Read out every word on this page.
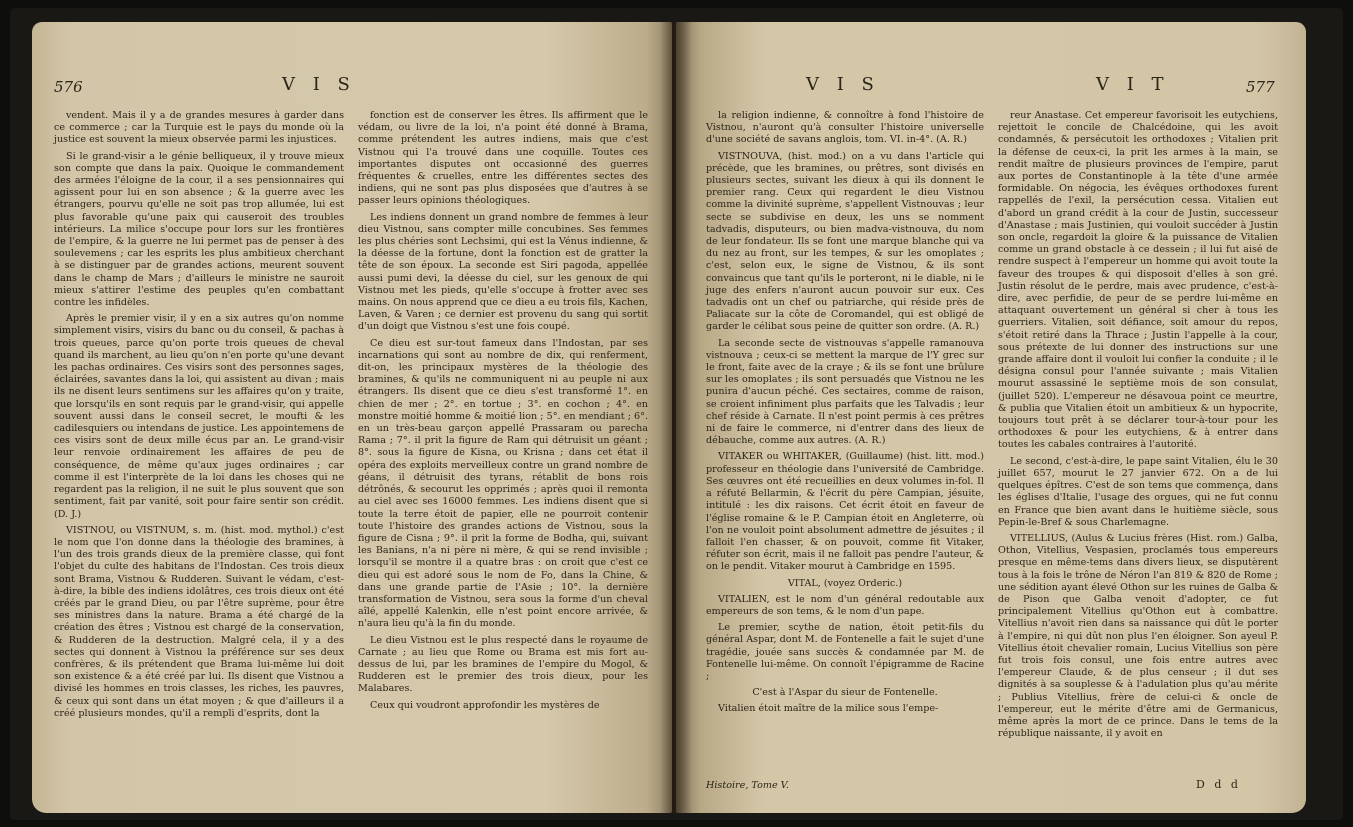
576	V I S

vendent. Mais il y a de grandes mesures à garder dans ce commerce ; car la Turquie est le pays du monde où la justice est souvent la mieux observée parmi les injustices.

Si le grand-visir a le génie belliqueux, il y trouve mieux son compte que dans la paix. Quoique le commandement des armées l'éloigne de la cour, il a ses pensionnaires qui agissent pour lui en son absence ; & la guerre avec les étrangers, pourvu qu'elle ne soit pas trop allumée, lui est plus favorable qu'une paix qui causeroit des troubles intérieurs. La milice s'occupe pour lors sur les frontières de l'empire, & la guerre ne lui permet pas de penser à des soulevemens ; car les esprits les plus ambitieux cherchant à se distinguer par de grandes actions, meurent souvent dans le champ de Mars ; d'ailleurs le ministre ne sauroit mieux s'attirer l'estime des peuples qu'en combattant contre les infidèles.

Après le premier visir, il y en a six autres qu'on nomme simplement visirs, visirs du banc ou du conseil, & pachas à trois queues, parce qu'on porte trois queues de cheval quand ils marchent, au lieu qu'on n'en porte qu'une devant les pachas ordinaires. Ces visirs sont des personnes sages, éclairées, savantes dans la loi, qui assistent au divan ; mais ils ne disent leurs sentimens sur les affaires qu'on y traite, que lorsqu'ils en sont requis par le grand-visir, qui appelle souvent aussi dans le conseil secret, le moufti & les cadilesquiers ou intendans de justice. Les appointemens de ces visirs sont de deux mille écus par an. Le grand-visir leur renvoie ordinairement les affaires de peu de conséquence, de même qu'aux juges ordinaires ; car comme il est l'interprète de la loi dans les choses qui ne regardent pas la religion, il ne suit le plus souvent que son sentiment, fait par vanité, soit pour faire sentir son crédit. (D. J.)

VISTNOU, ou VISTNUM, s. m. (hist. mod. mythol.) c'est le nom que l'on donne dans la théologie des bramines, à l'un des trois grands dieux de la première classe, qui font l'objet du culte des habitans de l'Indostan. Ces trois dieux sont Brama, Vistnou & Rudderen. Suivant le védam, c'est-à-dire, la bible des indiens idolâtres, ces trois dieux ont été créés par le grand Dieu, ou par l'être suprème, pour être ses ministres dans la nature. Brama a été chargé de la création des êtres ; Vistnou est chargé de la conservation, & Rudderen de la destruction. Malgré cela, il y a des sectes qui donnent à Vistnou la préférence sur ses deux confrères, & ils prétendent que Brama lui-même lui doit son existence & a été créé par lui. Ils disent que Vistnou a divisé les hommes en trois classes, les riches, les pauvres, & ceux qui sont dans un état moyen ; & que d'ailleurs il a créé plusieurs mondes, qu'il a rempli d'esprits, dont la

fonction est de conserver les êtres. Ils affirment que le védam, ou livre de la loi, n'a point été donné à Brama, comme prétendent les autres indiens, mais que c'est Vistnou qui l'a trouvé dans une coquille. Toutes ces importantes disputes ont occasionné des guerres fréquentes & cruelles, entre les différentes sectes des indiens, qui ne sont pas plus disposées que d'autres à se passer leurs opinions théologiques.

Les indiens donnent un grand nombre de femmes à leur dieu Vistnou, sans compter mille concubines. Ses femmes les plus chéries sont Lechsimi, qui est la Vénus indienne, & la déesse de la fortune, dont la fonction est de gratter la tête de son époux. La seconde est Siri pagoda, appellée aussi pumi devi, la déesse du ciel, sur les genoux de qui Vistnou met les pieds, qu'elle s'occupe à frotter avec ses mains. On nous apprend que ce dieu a eu trois fils, Kachen, Laven, & Varen ; ce dernier est provenu du sang qui sortit d'un doigt que Vistnou s'est une fois coupé.

Ce dieu est sur-tout fameux dans l'Indostan, par ses incarnations qui sont au nombre de dix, qui renferment, dit-on, les principaux mystères de la théologie des bramines, & qu'ils ne communiquent ni au peuple ni aux étrangers. Ils disent que ce dieu s'est transformé 1°. en chien de mer ; 2°. en tortue ; 3°. en cochon ; 4°. en monstre moitié homme & moitié lion ; 5°. en mendiant ; 6°. en un très-beau garçon appellé Prassaram ou parecha Rama ; 7°. il prit la figure de Ram qui détruisit un géant ; 8°. sous la figure de Kisna, ou Krisna ; dans cet état il opéra des exploits merveilleux contre un grand nombre de géans, il détruisit des tyrans, rétablit de bons rois détrônés, & secourut les opprimés ; après quoi il remonta au ciel avec ses 16000 femmes. Les indiens disent que si toute la terre étoit de papier, elle ne pourroit contenir toute l'histoire des grandes actions de Vistnou, sous la figure de Cisna ; 9°. il prit la forme de Bodha, qui, suivant les Banians, n'a ni père ni mère, & qui se rend invisible ; lorsqu'il se montre il a quatre bras : on croit que c'est ce dieu qui est adoré sous le nom de Fo, dans la Chine, & dans une grande partie de l'Asie ; 10°. la dernière transformation de Vistnou, sera sous la forme d'un cheval aîlé, appellé Kalenkin, elle n'est point encore arrivée, & n'aura lieu qu'à la fin du monde.

Le dieu Vistnou est le plus respecté dans le royaume de Carnate ; au lieu que Rome ou Brama est mis fort au-dessus de lui, par les bramines de l'empire du Mogol, & Rudderen est le premier des trois dieux, pour les Malabares.

Ceux qui voudront approfondir les mystères de

V I S	V I T	577

la religion indienne, & connoître à fond l'histoire de Vistnou, n'auront qu'à consulter l'histoire universelle d'une société de savans anglois, tom. VI. in-4°. (A. R.)

VISTNOUVA, (hist. mod.) on a vu dans l'article qui précède, que les bramines, ou prêtres, sont divisés en plusieurs sectes, suivant les dieux à qui ils donnent le premier rang. Ceux qui regardent le dieu Vistnou comme la divinité suprème, s'appellent Vistnouvas ; leur secte se subdivise en deux, les uns se nomment tadvadis, disputeurs, ou bien madva-vistnouva, du nom de leur fondateur. Ils se font une marque blanche qui va du nez au front, sur les tempes, & sur les omoplates ; c'est, selon eux, le signe de Vistnou, & ils sont convaincus que tant qu'ils le porteront, ni le diable, ni le juge des enfers n'auront aucun pouvoir sur eux. Ces tadvadis ont un chef ou patriarche, qui réside près de Paliacate sur la côte de Coromandel, qui est obligé de garder le célibat sous peine de quitter son ordre. (A. R.)

La seconde secte de vistnouvas s'appelle ramanouva vistnouva ; ceux-ci se mettent la marque de l'Y grec sur le front, faite avec de la craye ; & ils se font une brûlure sur les omoplates ; ils sont persuadés que Vistnou ne les punira d'aucun péché. Ces sectaires, comme de raison, se croient infiniment plus parfaits que les Talvadis ; leur chef réside à Carnate. Il n'est point permis à ces prêtres ni de faire le commerce, ni d'entrer dans des lieux de débauche, comme aux autres. (A. R.)

VITAKER ou WHITAKER, (Guillaume) (hist. litt. mod.) professeur en théologie dans l'université de Cambridge. Ses œuvres ont été recueillies en deux volumes in-fol. Il a réfuté Bellarmin, & l'écrit du père Campian, jésuite, intitulé : les dix raisons. Cet écrit étoit en faveur de l'église romaine & le P. Campian étoit en Angleterre, où l'on ne vouloit point absolument admettre de jésuites ; il falloit l'en chasser, & on pouvoit, comme fit Vitaker, réfuter son écrit, mais il ne falloit pas pendre l'auteur, & on le pendit. Vitaker mourut à Cambridge en 1595.

VITAL, (voyez Orderic.)

VITALIEN, est le nom d'un général redoutable aux empereurs de son tems, & le nom d'un pape.

Le premier, scythe de nation, étoit petit-fils du général Aspar, dont M. de Fontenelle a fait le sujet d'une tragédie, jouée sans succès & condamnée par M. de Fontenelle lui-même. On connoît l'épigramme de Racine ;

C'est à l'Aspar du sieur de Fontenelle.

Vitalien étoit maître de la milice sous l'empe-

reur Anastase. Cet empereur favorisoit les eutychiens, rejettoit le concile de Chalcédoine, qui les avoit condamnés, & persécutoit les orthodoxes ; Vitalien prit la défense de ceux-ci, la prit les armes à la main, se rendit maître de plusieurs provinces de l'empire, parut aux portes de Constantinople à la tête d'une armée formidable. On négocia, les évêques orthodoxes furent rappellés de l'exil, la persécution cessa. Vitalien eut d'abord un grand crédit à la cour de Justin, successeur d'Anastase ; mais Justinien, qui vouloit succéder à Justin son oncle, regardoit la gloire & la puissance de Vitalien comme un grand obstacle à ce dessein ; il lui fut aisé de rendre suspect à l'empereur un homme qui avoit toute la faveur des troupes & qui disposoit d'elles à son gré. Justin résolut de le perdre, mais avec prudence, c'est-à-dire, avec perfidie, de peur de se perdre lui-même en attaquant ouvertement un général si cher à tous les guerriers. Vitalien, soit défiance, soit amour du repos, s'étoit retiré dans la Thrace ; Justin l'appelle à la cour, sous prétexte de lui donner des instructions sur une grande affaire dont il vouloit lui confier la conduite ; il le désigna consul pour l'année suivante ; mais Vitalien mourut assassiné le septième mois de son consulat, (juillet 520). L'empereur ne désavoua point ce meurtre, & publia que Vitalien étoit un ambitieux & un hypocrite, toujours tout prêt à se déclarer tour-à-tour pour les orthodoxes & pour les eutychiens, & à entrer dans toutes les cabales contraires à l'autorité.

Le second, c'est-à-dire, le pape saint Vitalien, élu le 30 juillet 657, mourut le 27 janvier 672. On a de lui quelques épîtres. C'est de son tems que commença, dans les églises d'Italie, l'usage des orgues, qui ne fut connu en France que bien avant dans le huitième siècle, sous Pepin-le-Bref & sous Charlemagne.

VITELLIUS, (Aulus & Lucius frères (Hist. rom.) Galba, Othon, Vitellius, Vespasien, proclamés tous empereurs presque en même-tems dans divers lieux, se disputèrent tous à la fois le trône de Néron l'an 819 & 820 de Rome ; une sédition ayant élevé Othon sur les ruines de Galba & de Pison que Galba venoit d'adopter, ce fut principalement Vitellius qu'Othon eut à combattre. Vitellius n'avoit rien dans sa naissance qui dût le porter à l'empire, ni qui dût non plus l'en éloigner. Son ayeul P. Vitellius étoit chevalier romain, Lucius Vitellius son père fut trois fois consul, une fois entre autres avec l'empereur Claude, & de plus censeur ; il dut ses dignités à sa souplesse & à l'adulation plus qu'au mérite ; Publius Vitellius, frère de celui-ci & oncle de l'empereur, eut le mérite d'être ami de Germanicus, même après la mort de ce prince. Dans le tems de la république naissante, il y avoit en

Histoire, Tome V.	D d d
